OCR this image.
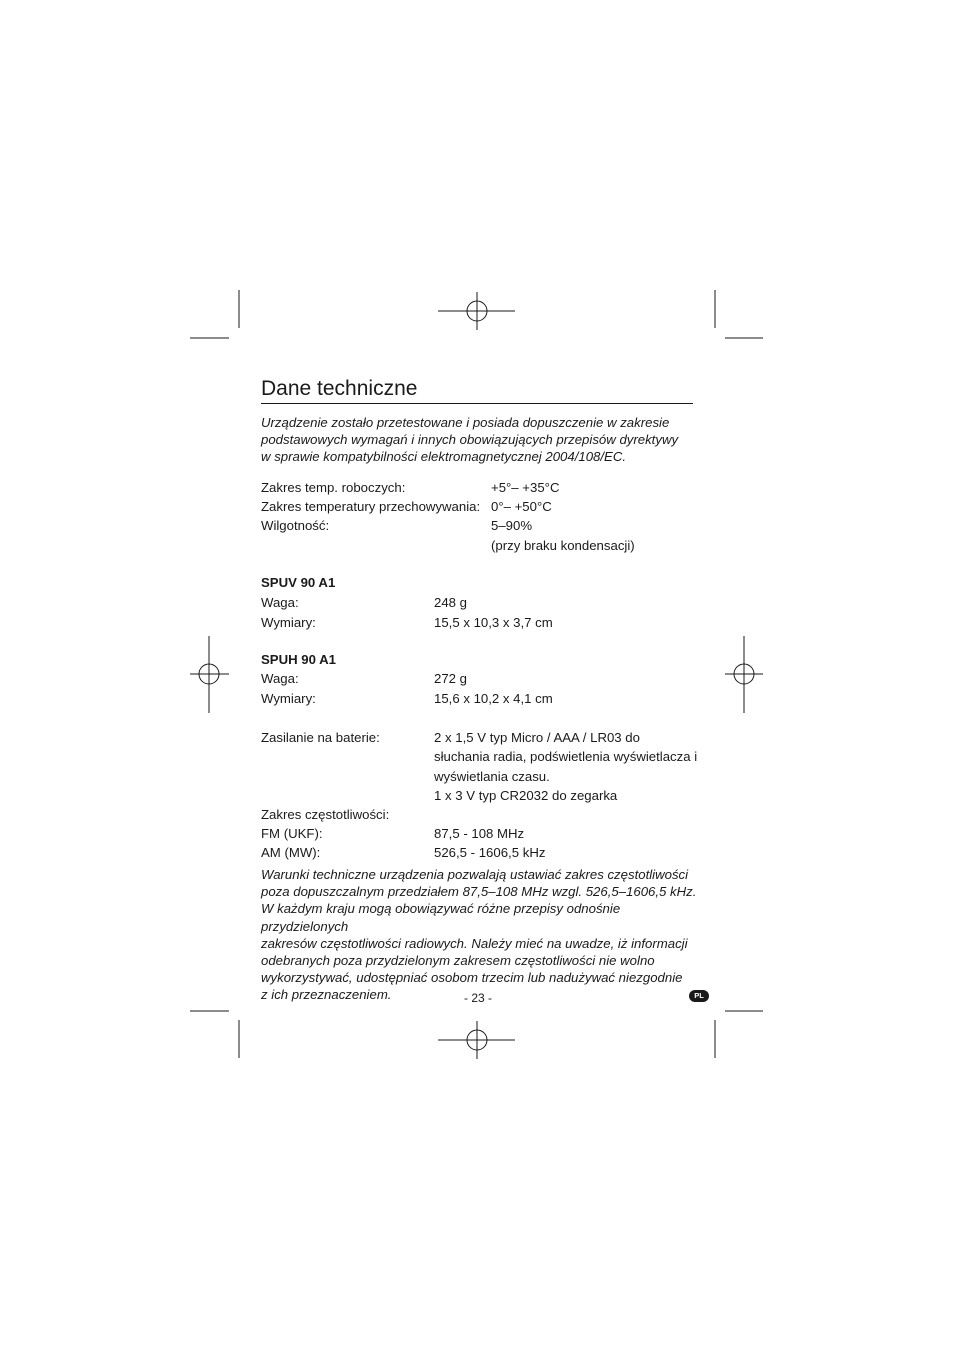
Dane techniczne
Urządzenie zostało przetestowane i posiada dopuszczenie w zakresie
podstawowych wymagań i innych obowiązujących przepisów dyrektywy
w sprawie kompatybilności elektromagnetycznej 2004/108/EC.
Zakres temp. roboczych:	+5°– +35°C
Zakres temperatury przechowywania: 0°– +50°C
Wilgotność:	5–90%
(przy braku kondensacji)
SPUV 90 A1
Waga:	248 g
Wymiary:	15,5 x 10,3 x 3,7 cm
SPUH 90 A1
Waga:	272 g
Wymiary:	15,6 x 10,2 x 4,1 cm
Zasilanie na baterie:	2 x 1,5 V typ Micro / AAA / LR03 do
słuchania radia, podświetlenia wyświetlacza i
wyświetlania czasu.
1 x 3 V typ CR2032 do zegarka
Zakres częstotliwości:
FM (UKF):	87,5 - 108 MHz
AM (MW):	526,5 - 1606,5 kHz
Warunki techniczne urządzenia pozwalają ustawiać zakres częstotliwości
poza dopuszczalnym przedziałem 87,5–108 MHz wzgl. 526,5–1606,5 kHz.
W każdym kraju mogą obowiązywać różne przepisy odnośnie przydzielonych
zakresów częstotliwości radiowych. Należy mieć na uwadze, iż informacji
odebranych poza przydzielonym zakresem częstotliwości nie wolno
wykorzystywać, udostępniać osobom trzecim lub nadużywać niezgodnie
z ich przeznaczeniem.	- 23 -	PL
